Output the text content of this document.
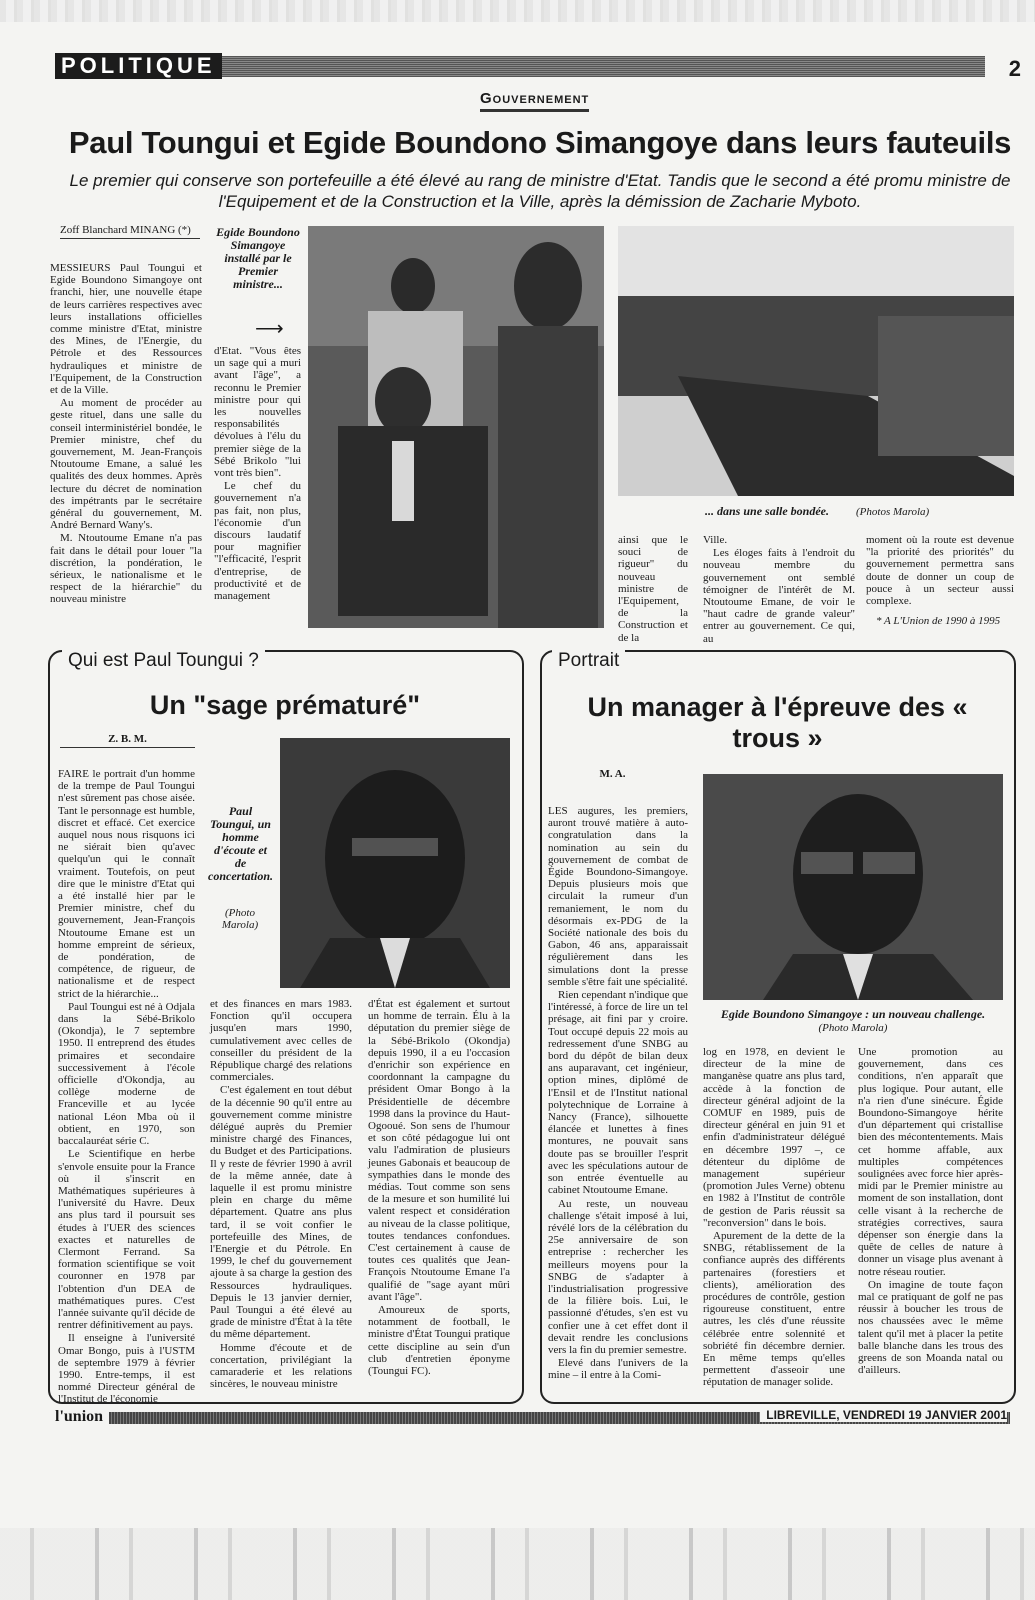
POLITIQUE	2
Gouvernement
Paul Toungui et Egide Boundono Simangoye dans leurs fauteuils
Le premier qui conserve son portefeuille a été élevé au rang de ministre d'Etat. Tandis que le second a été promu ministre de l'Equipement et de la Construction et la Ville, après la démission de Zacharie Myboto.
Zoff Blanchard MINANG (*)

MESSIEURS Paul Toungui et Egide Boundono Simangoye ont franchi, hier, une nouvelle étape de leurs carrières respectives avec leurs installations officielles comme ministre d'Etat, ministre des Mines, de l'Energie, du Pétrole et des Ressources hydrauliques et ministre de l'Equipement, de la Construction et de la Ville.

Au moment de procéder au geste rituel, dans une salle du conseil interministériel bondée, le Premier ministre, chef du gouvernement, M. Jean-François Ntoutoume Emane, a salué les qualités des deux hommes. Après lecture du décret de nomination des impétrants par le secrétaire général du gouvernement, M. André Bernard Wany's.

M. Ntoutoume Emane n'a pas fait dans le détail pour louer "la discrétion, la pondération, le sérieux, le nationalisme et le respect de la hiérarchie" du nouveau ministre

Egide Boundono Simangoye installé par le Premier ministre...
⟶

d'Etat. "Vous êtes un sage qui a muri avant l'âge", a reconnu le Premier ministre pour qui les nouvelles responsabilités dévolues à l'élu du premier siège de la Sébé Brikolo "lui vont très bien".

Le chef du gouvernement n'a pas fait, non plus, l'économie d'un discours laudatif pour magnifier "l'efficacité, l'esprit d'entreprise, de productivité et de management

... dans une salle bondée.	(Photos Marola)

ainsi que le souci de rigueur" du nouveau ministre de l'Equipement, de la Construction et de la

Ville.

Les éloges faits à l'endroit du nouveau membre du gouvernement ont semblé témoigner de l'intérêt de M. Ntoutoume Emane, de voir le "haut cadre de grande valeur" entrer au gouvernement. Ce qui, au

moment où la route est devenue "la priorité des priorités" du gouvernement permettra sans doute de donner un coup de pouce à un secteur aussi complexe.

* A L'Union de 1990 à 1995
Qui est Paul Toungui ?
Un "sage prématuré"
Z. B. M.

FAIRE le portrait d'un homme de la trempe de Paul Toungui n'est sûrement pas chose aisée. Tant le personnage est humble, discret et effacé. Cet exercice auquel nous nous risquons ici ne siérait bien qu'avec quelqu'un qui le connaît vraiment. Toutefois, on peut dire que le ministre d'Etat qui a été installé hier par le Premier ministre, chef du gouvernement, Jean-François Ntoutoume Emane est un homme empreint de sérieux, de pondération, de compétence, de rigueur, de nationalisme et de respect strict de la hiérarchie...

Paul Toungui est né à Odjala dans la Sébé-Brikolo (Okondja), le 7 septembre 1950. Il entreprend des études primaires et secondaire successivement à l'école officielle d'Okondja, au collège moderne de Franceville et au lycée national Léon Mba où il obtient, en 1970, son baccalauréat série C.

Le Scientifique en herbe s'envole ensuite pour la France où il s'inscrit en Mathématiques supérieures à l'université du Havre. Deux ans plus tard il poursuit ses études à l'UER des sciences exactes et naturelles de Clermont Ferrand. Sa formation scientifique se voit couronner en 1978 par l'obtention d'un DEA de mathématiques pures. C'est l'année suivante qu'il décide de rentrer définitivement au pays.

Il enseigne à l'université Omar Bongo, puis à l'USTM de septembre 1979 à février 1990. Entre-temps, il est nommé Directeur général de l'Institut de l'économie

Paul Toungui, un homme d'écoute et de concertation.
(Photo Marola)

et des finances en mars 1983. Fonction qu'il occupera jusqu'en mars 1990, cumulativement avec celles de conseiller du président de la République chargé des relations commerciales.

C'est également en tout début de la décennie 90 qu'il entre au gouvernement comme ministre délégué auprès du Premier ministre chargé des Finances, du Budget et des Participations. Il y reste de février 1990 à avril de la même année, date à laquelle il est promu ministre plein en charge du même département. Quatre ans plus tard, il se voit confier le portefeuille des Mines, de l'Energie et du Pétrole. En 1999, le chef du gouvernement ajoute à sa charge la gestion des Ressources hydrauliques. Depuis le 13 janvier dernier, Paul Toungui a été élevé au grade de ministre d'État à la tête du même département.

Homme d'écoute et de concertation, privilégiant la camaraderie et les relations sincères, le nouveau ministre

d'État est également et surtout un homme de terrain. Élu à la députation du premier siège de la Sébé-Brikolo (Okondja) depuis 1990, il a eu l'occasion d'enrichir son expérience en coordonnant la campagne du président Omar Bongo à la Présidentielle de décembre 1998 dans la province du Haut-Ogooué. Son sens de l'humour et son côté pédagogue lui ont valu l'admiration de plusieurs jeunes Gabonais et beaucoup de sympathies dans le monde des médias. Tout comme son sens de la mesure et son humilité lui valent respect et considération au niveau de la classe politique, toutes tendances confondues. C'est certainement à cause de toutes ces qualités que Jean-François Ntoutoume Emane l'a qualifié de "sage ayant mûri avant l'âge".

Amoureux de sports, notamment de football, le ministre d'État Toungui pratique cette discipline au sein d'un club d'entretien éponyme (Toungui FC).

Portrait
Un manager à l'épreuve des « trous »
M. A.
Egide Boundono Simangoye : un nouveau challenge.
(Photo Marola)

LES augures, les premiers, auront trouvé matière à auto-congratulation dans la nomination au sein du gouvernement de combat de Égide Boundono-Simangoye. Depuis plusieurs mois que circulait la rumeur d'un remaniement, le nom du désormais ex-PDG de la Société nationale des bois du Gabon, 46 ans, apparaissait régulièrement dans les simulations dont la presse semble s'être fait une spécialité.

Rien cependant n'indique que l'intéressé, à force de lire un tel présage, ait fini par y croire. Tout occupé depuis 22 mois au redressement d'une SNBG au bord du dépôt de bilan deux ans auparavant, cet ingénieur, option mines, diplômé de l'Ensil et de l'Institut national polytechnique de Lorraine à Nancy (France), silhouette élancée et lunettes à fines montures, ne pouvait sans doute pas se brouiller l'esprit avec les spéculations autour de son entrée éventuelle au cabinet Ntoutoume Emane.

Au reste, un nouveau challenge s'était imposé à lui, révélé lors de la célébration du 25e anniversaire de son entreprise : rechercher les meilleurs moyens pour la SNBG de s'adapter à l'industrialisation progressive de la filière bois. Lui, le passionné d'études, s'en est vu confier une à cet effet dont il devait rendre les conclusions vers la fin du premier semestre.

Elevé dans l'univers de la mine – il entre à la Comi-

log en 1978, en devient le directeur de la mine de manganèse quatre ans plus tard, accède à la fonction de directeur général adjoint de la COMUF en 1989, puis de directeur général en juin 91 et enfin d'administrateur délégué en décembre 1997 –, ce détenteur du diplôme de management supérieur (promotion Jules Verne) obtenu en 1982 à l'Institut de contrôle de gestion de Paris réussit sa "reconversion" dans le bois.

Apurement de la dette de la SNBG, rétablissement de la confiance auprès des différents partenaires (forestiers et clients), amélioration des procédures de contrôle, gestion rigoureuse constituent, entre autres, les clés d'une réussite célébrée entre solennité et sobriété fin décembre dernier. En même temps qu'elles permettent d'asseoir une réputation de manager solide.

Une promotion au gouvernement, dans ces conditions, n'en apparaît que plus logique. Pour autant, elle n'a rien d'une sinécure. Égide Boundono-Simangoye hérite d'un département qui cristallise bien des mécontentements. Mais cet homme affable, aux multiples compétences soulignées avec force hier après-midi par le Premier ministre au moment de son installation, dont celle visant à la recherche de stratégies correctives, saura dépenser son énergie dans la quête de celles de nature à donner un visage plus avenant à notre réseau routier.

On imagine de toute façon mal ce pratiquant de golf ne pas réussir à boucher les trous de nos chaussées avec le même talent qu'il met à placer la petite balle blanche dans les trous des greens de son Moanda natal ou d'ailleurs.

l'union	LIBREVILLE, VENDREDI 19 JANVIER 2001
